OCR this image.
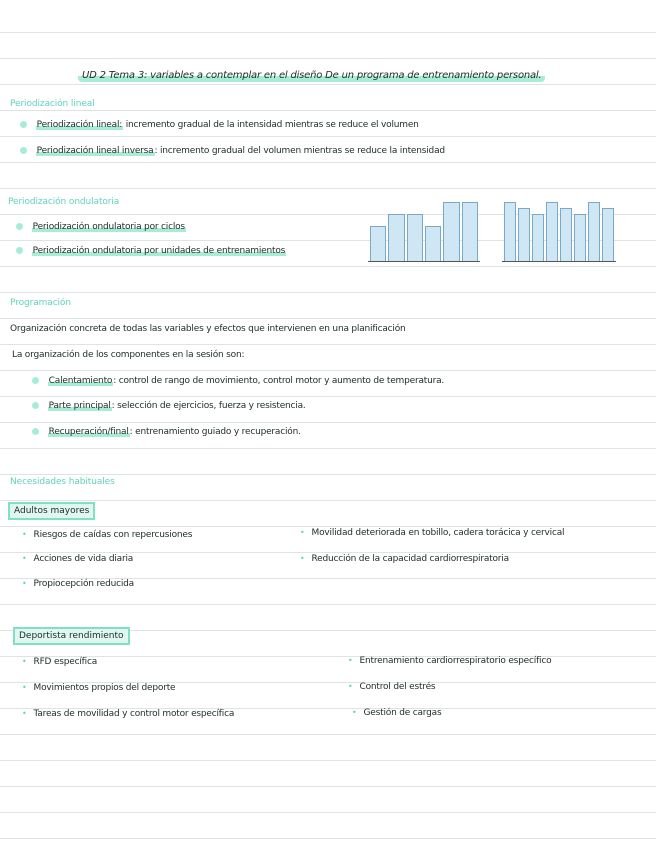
UD 2 Tema 3: variables a contemplar en el diseño De un programa de entrenamiento personal.
Periodización lineal
Periodización lineal: incremento gradual de la intensidad mientras se reduce el volumen
Periodización lineal inversa: incremento gradual del volumen mientras se reduce la intensidad
Periodización ondulatoria
Periodización ondulatoria por ciclos
Periodización ondulatoria por unidades de entrenamientos
Programación
Organización concreta de todas las variables y efectos que intervienen en una planificación
La organización de los componentes en la sesión son:
Calentamiento: control de rango de movimiento, control motor y aumento de temperatura.
Parte principal: selección de ejercicios, fuerza y resistencia.
Recuperación/final: entrenamiento guiado y recuperación.
Necesidades habituales
Adultos mayores
• Riesgos de caídas con repercusiones
• Acciones de vida diaria
• Propiocepción reducida
• Movilidad deteriorada en tobillo, cadera torácica y cervical
• Reducción de la capacidad cardiorrespiratoria
Deportista rendimiento
• RFD específica
• Movimientos propios del deporte
• Tareas de movilidad y control motor específica
• Entrenamiento cardiorrespiratorio específico
• Control del estrés
• Gestión de cargas
